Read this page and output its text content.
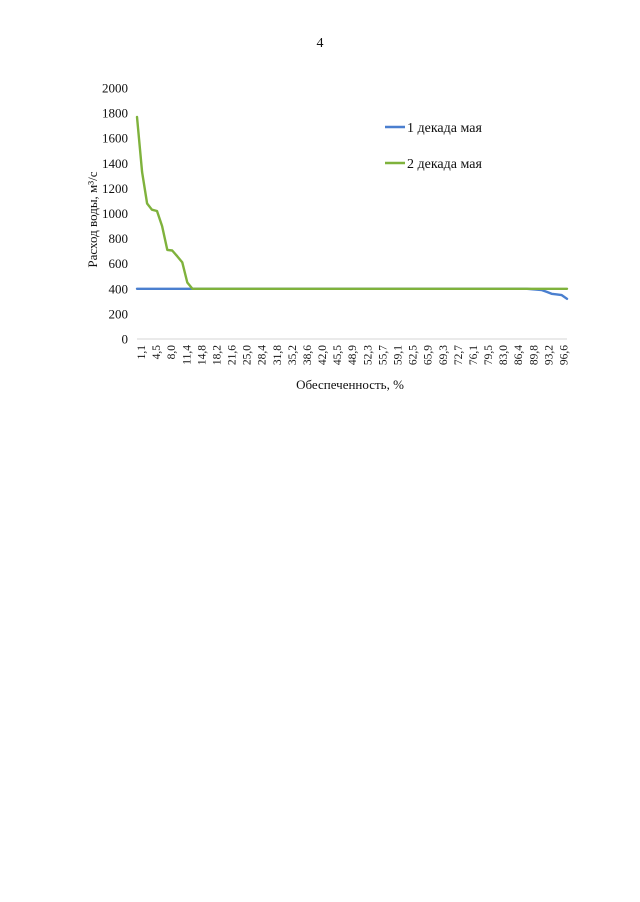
4
0
200
400
600
800
1000
1200
1400
1600
1800
2000
1,1 4,5 8,0 11,4 14,8 18,2 21,6 25,0 28,4 31,8 35,2 38,6 42,0 45,5 48,9 52,3 55,7 59,1 62,5 65,9 69,3 72,7 76,1 79,5 83,0 86,4 89,8 93,2 96,6
1 декада мая
2 декада мая
Расход воды, м³/с
Обеспеченность, %
